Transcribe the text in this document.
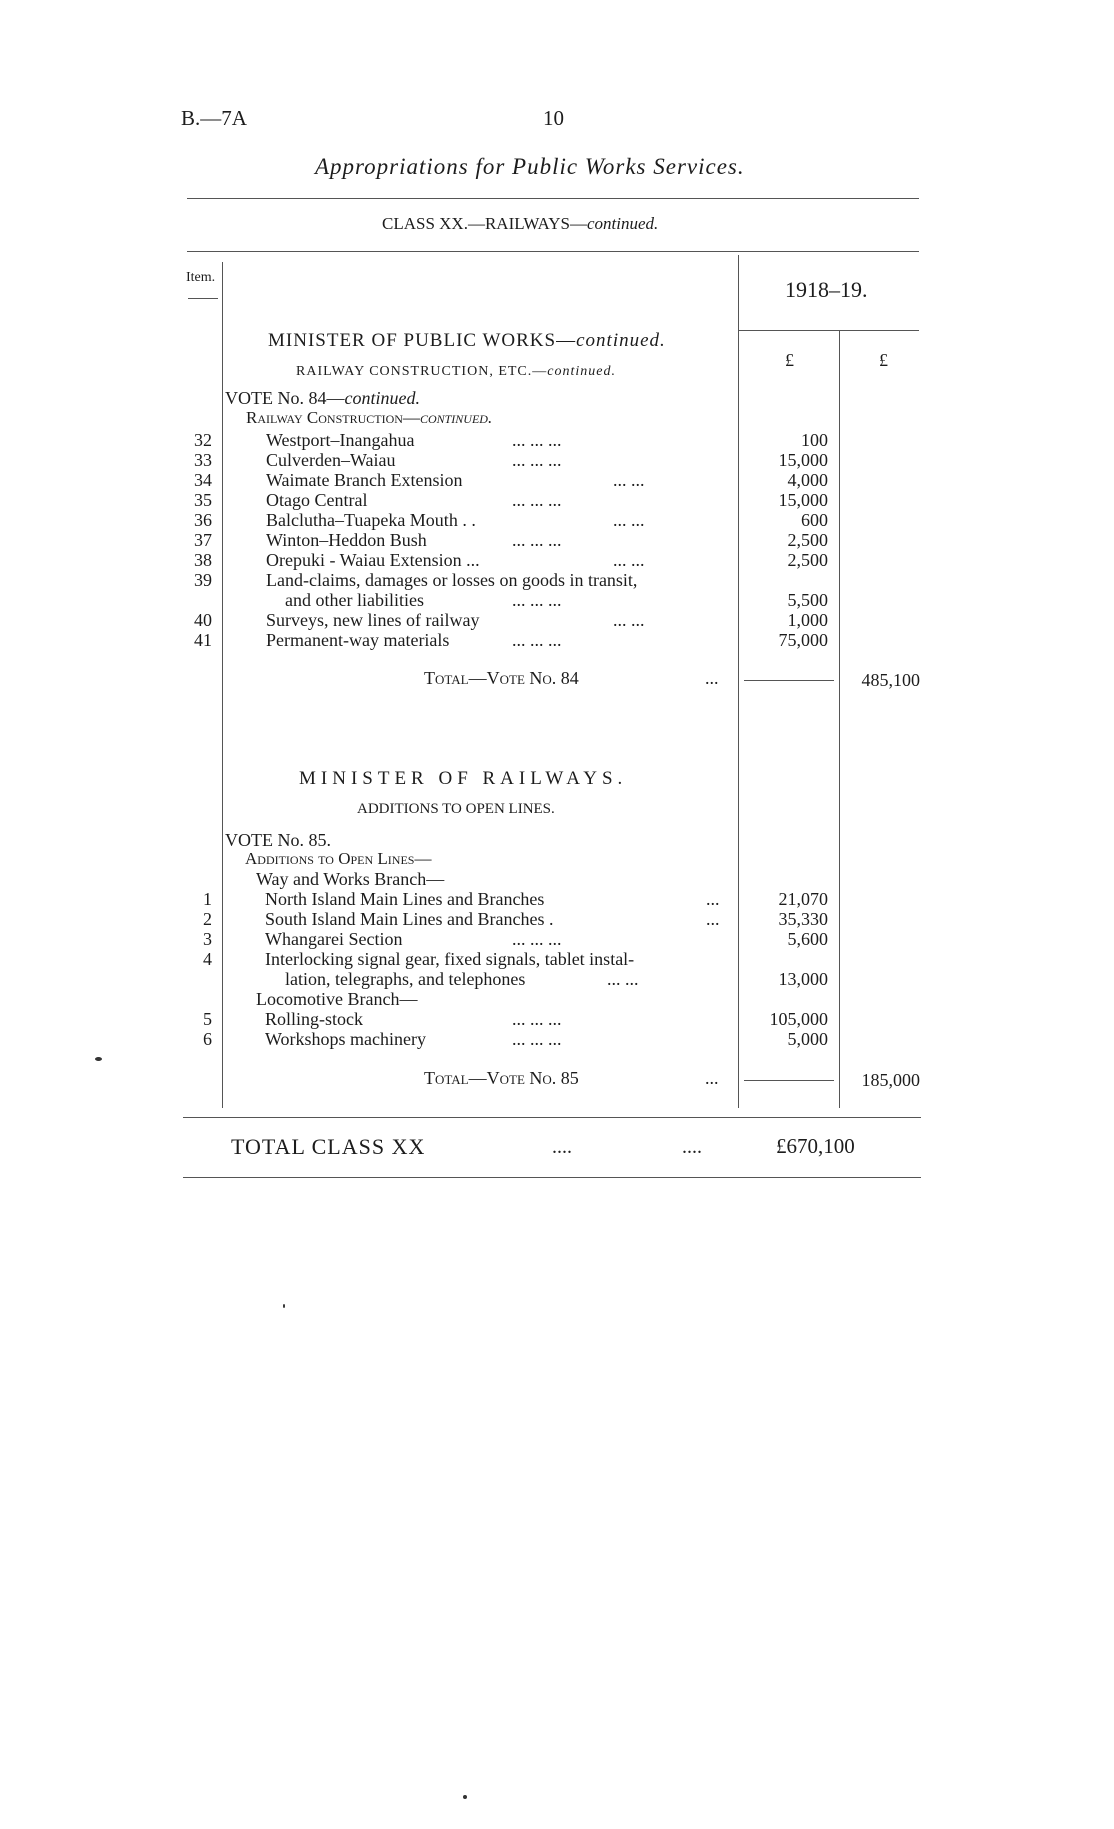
B.—7A	10
Appropriations for Public Works Services.
CLASS XX.—RAILWAYS—continued.
Item.	1918–19.
£	£
MINISTER OF PUBLIC WORKS—continued.
RAILWAY CONSTRUCTION, ETC.—continued.
VOTE No. 84—continued.
Railway Construction—continued.
32	Westport–Inangahua	... ... ...	100
33	Culverden–Waiau	... ... ...	15,000
34	Waimate Branch Extension	... ...	4,000
35	Otago Central	... ... ...	15,000
36	Balclutha–Tuapeka Mouth . .	... ...	600
37	Winton–Heddon Bush	... ... ...	2,500
38	Orepuki - Waiau Extension ...	... ...	2,500
39	Land-claims, damages or losses on goods in transit,
and other liabilities	... ... ...	5,500
40	Surveys, new lines of railway	... ...	1,000
41	Permanent-way materials	... ... ...	75,000
Total—Vote No. 84	...	485,100
MINISTER OF RAILWAYS.
ADDITIONS TO OPEN LINES.
VOTE No. 85.
Additions to Open Lines—
Way and Works Branch—
1	North Island Main Lines and Branches	...	21,070
2	South Island Main Lines and Branches .	...	35,330
3	Whangarei Section	... ... ...	5,600
4	Interlocking signal gear, fixed signals, tablet instal-
lation, telegraphs, and telephones	... ...	13,000
Locomotive Branch—
5	Rolling-stock	... ... ...	105,000
6	Workshops machinery	... ... ...	5,000
Total—Vote No. 85	...	185,000
TOTAL CLASS XX	....	....	£670,100
